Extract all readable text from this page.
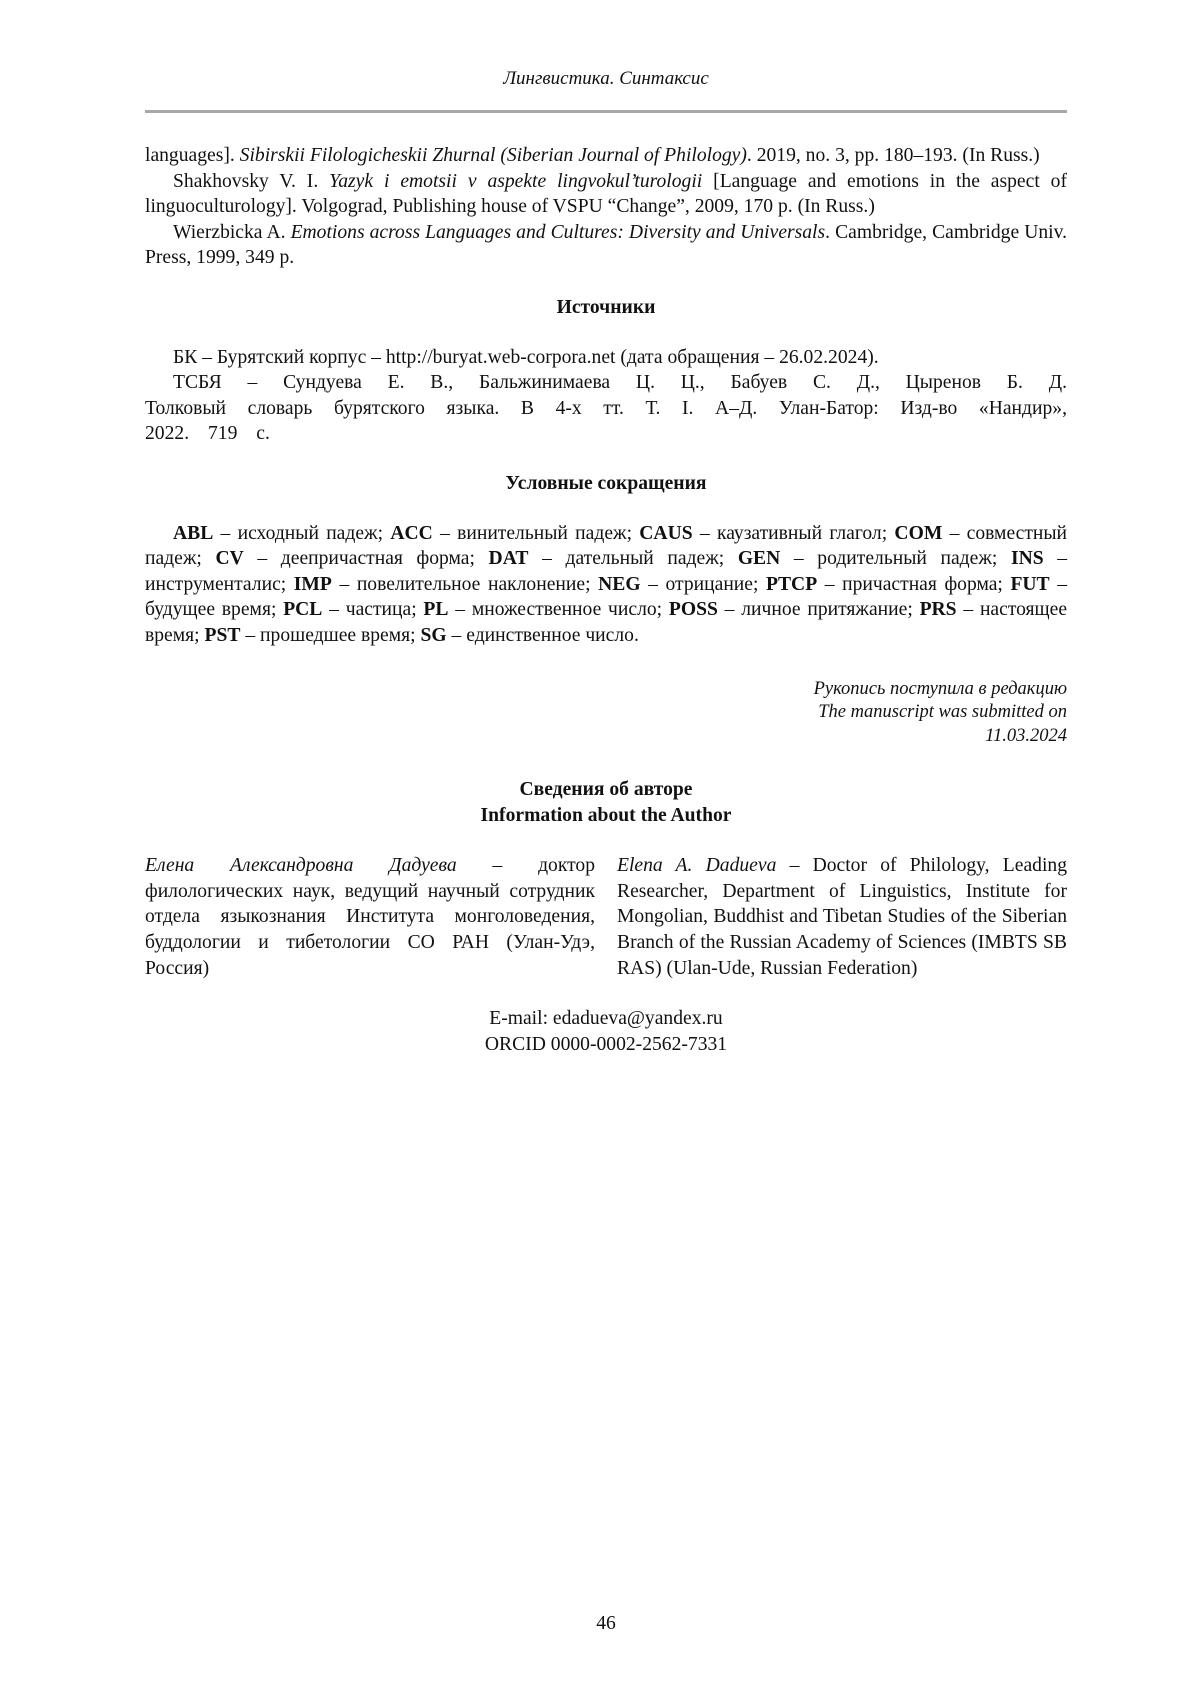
Лингвистика. Синтаксис

languages]. Sibirskii Filologicheskii Zhurnal (Siberian Journal of Philology). 2019, no. 3, pp. 180–193. (In Russ.)

Shakhovsky V. I. Yazyk i emotsii v aspekte lingvokul’turologii [Language and emotions in the aspect of linguoculturology]. Volgograd, Publishing house of VSPU “Change”, 2009, 170 p. (In Russ.)

Wierzbicka A. Emotions across Languages and Cultures: Diversity and Universals. Cambridge, Cambridge Univ. Press, 1999, 349 p.

Источники

БК – Бурятский корпус – http://buryat.web-corpora.net (дата обращения – 26.02.2024).

ТСБЯ – Сундуева Е. В., Бальжинимаева Ц. Ц., Бабуев С. Д., Цыренов Б. Д. Толковый словарь бурятского языка. В 4-х тт. Т. I. А–Д. Улан-Батор: Изд-во «Нандир», 2022. 719 с.

Условные сокращения

ABL – исходный падеж; ACC – винительный падеж; CAUS – каузативный глагол; COM – совместный падеж; CV – деепричастная форма; DAT – дательный падеж; GEN – родительный падеж; INS – инструменталис; IMP – повелительное наклонение; NEG – отрицание; PTCP – причастная форма; FUT – будущее время; PCL – частица; PL – множественное число; POSS – личное притяжание; PRS – настоящее время; PST – прошедшее время; SG – единственное число.

Рукопись поступила в редакцию
The manuscript was submitted on
11.03.2024
Сведения об авторе
Information about the Author

Елена Александровна Дадуева – доктор филологических наук, ведущий научный сотрудник отдела языкознания Института монголоведения, буддологии и тибетологии СО РАН (Улан-Удэ, Россия)

Elena A. Dadueva – Doctor of Philology, Leading Researcher, Department of Linguistics, Institute for Mongolian, Buddhist and Tibetan Studies of the Siberian Branch of the Russian Academy of Sciences (IMBTS SB RAS) (Ulan-Ude, Russian Federation)

E-mail: edadueva@yandex.ru
ORCID 0000-0002-2562-7331
46
